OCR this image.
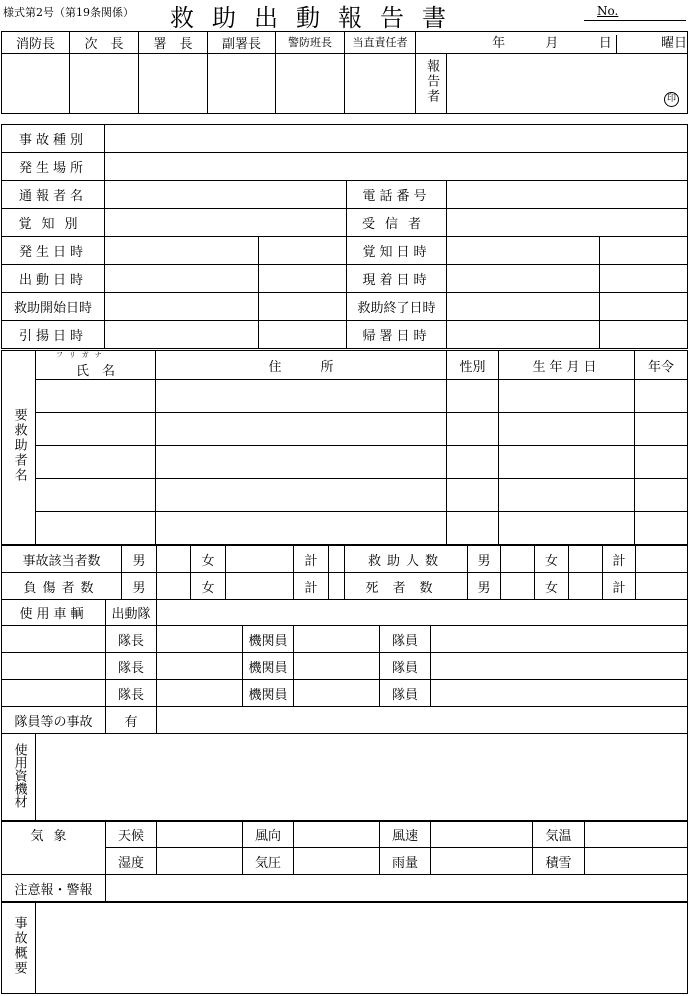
様式第2号（第19条関係） 救助出動報告書	No.
消防長	次　長	署　長	副署長	警防班長	当直責任者	年 月 日 曜日	
						報告者	印
事故種別					
発生場所					
通報者名			電話番号		
覚知別			受信者		
発生日時			覚知日時		
出動日時			現着日時		
救助開始日時			救助終了日時		
引揚日時			帰署日時		
要救助者名	フリガナ
氏　名	住　　　所	性別	生年月日	年令

事故該当者数	男		女		計		救助人数	男		女		計	
負傷者数	男		女		計		死者数	男		女		計	
使用車輌	出動隊					
	隊長		機関員		隊員	
	隊長		機関員		隊員	
	隊長		機関員		隊員	
隊員等の事故	有					
使用資機材	
気象	天候		風向		風速		気温	
	湿度		気圧		雨量		積雪	
注意報・警報								
事故概要	
